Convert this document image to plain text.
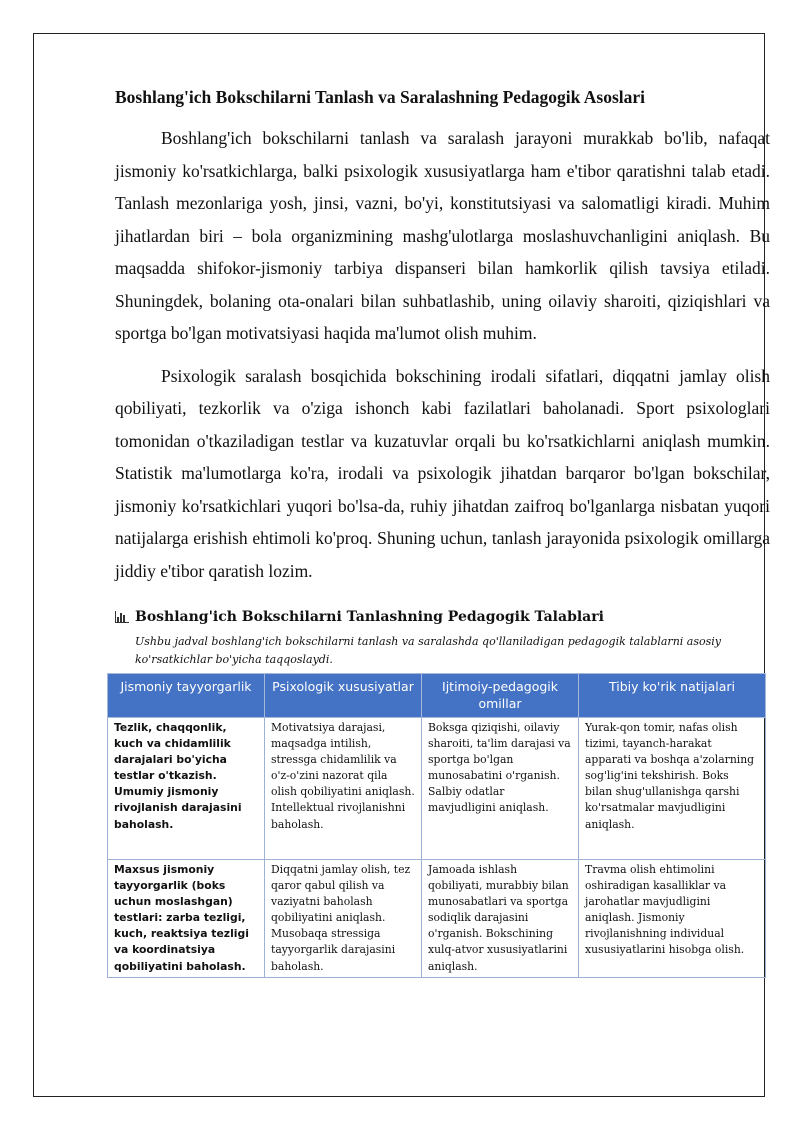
Boshlang'ich Bokschilarni Tanlash va Saralashning Pedagogik Asoslari

Boshlang'ich bokschilarni tanlash va saralash jarayoni murakkab bo'lib, nafaqat jismoniy ko'rsatkichlarga, balki psixologik xususiyatlarga ham e'tibor qaratishni talab etadi. Tanlash mezonlariga yosh, jinsi, vazni, bo'yi, konstitutsiyasi va salomatligi kiradi. Muhim jihatlardan biri – bola organizmining mashg'ulotlarga moslashuvchanligini aniqlash. Bu maqsadda shifokor-jismoniy tarbiya dispanseri bilan hamkorlik qilish tavsiya etiladi. Shuningdek, bolaning ota-onalari bilan suhbatlashib, uning oilaviy sharoiti, qiziqishlari va sportga bo'lgan motivatsiyasi haqida ma'lumot olish muhim.

Psixologik saralash bosqichida bokschining irodali sifatlari, diqqatni jamlay olish qobiliyati, tezkorlik va o'ziga ishonch kabi fazilatlari baholanadi. Sport psixologlari tomonidan o'tkaziladigan testlar va kuzatuvlar orqali bu ko'rsatkichlarni aniqlash mumkin. Statistik ma'lumotlarga ko'ra, irodali va psixologik jihatdan barqaror bo'lgan bokschilar, jismoniy ko'rsatkichlari yuqori bo'lsa-da, ruhiy jihatdan zaifroq bo'lganlarga nisbatan yuqori natijalarga erishish ehtimoli ko'proq. Shuning uchun, tanlash jarayonida psixologik omillarga jiddiy e'tibor qaratish lozim.

Boshlang'ich Bokschilarni Tanlashning Pedagogik Talablari
Ushbu jadval boshlang'ich bokschilarni tanlash va saralashda qo'llaniladigan pedagogik talablarni asosiy ko'rsatkichlar bo'yicha taqqoslaydi.
Jismoniy tayyorgarlik	Psixologik xususiyatlar	Ijtimoiy-pedagogik omillar	Tibiy ko'rik natijalari
Tezlik, chaqqonlik, kuch va chidamlilik darajalari bo'yicha testlar o'tkazish. Umumiy jismoniy rivojlanish darajasini baholash.	Motivatsiya darajasi, maqsadga intilish, stressga chidamlilik va o'z-o'zini nazorat qila olish qobiliyatini aniqlash. Intellektual rivojlanishni baholash.	Boksga qiziqishi, oilaviy sharoiti, ta'lim darajasi va sportga bo'lgan munosabatini o'rganish. Salbiy odatlar mavjudligini aniqlash.	Yurak-qon tomir, nafas olish tizimi, tayanch-harakat apparati va boshqa a'zolarning sog'lig'ini tekshirish. Boks bilan shug'ullanishga qarshi ko'rsatmalar mavjudligini aniqlash.
Maxsus jismoniy tayyorgarlik (boks uchun moslashgan) testlari: zarba tezligi, kuch, reaktsiya tezligi va koordinatsiya qobiliyatini baholash.	Diqqatni jamlay olish, tez qaror qabul qilish va vaziyatni baholash qobiliyatini aniqlash. Musobaqa stressiga tayyorgarlik darajasini baholash.	Jamoada ishlash qobiliyati, murabbiy bilan munosabatlari va sportga sodiqlik darajasini o'rganish. Bokschining xulq-atvor xususiyatlarini aniqlash.	Travma olish ehtimolini oshiradigan kasalliklar va jarohatlar mavjudligini aniqlash. Jismoniy rivojlanishning individual xususiyatlarini hisobga olish.
